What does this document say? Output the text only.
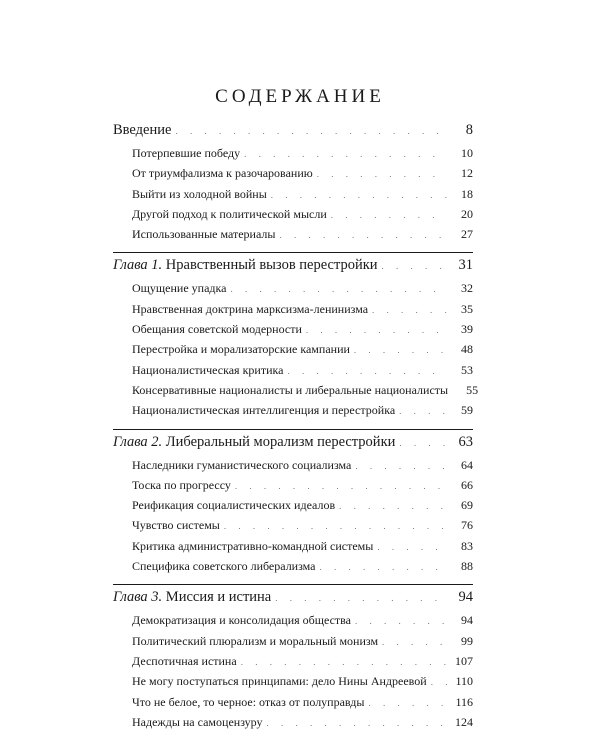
СОДЕРЖАНИЕ
Введение . . .	8
Потерпевшие победу . . .	10
От триумфализма к разочарованию . . .	12
Выйти из холодной войны . . .	18
Другой подход к политической мысли . . .	20
Использованные материалы . . .	27
Глава 1. Нравственный вызов перестройки . . .	31
Ощущение упадка . . .	32
Нравственная доктрина марксизма-ленинизма . . .	35
Обещания советской модерности . . .	39
Перестройка и морализаторские кампании . . .	48
Националистическая критика . . .	53
Консервативные националисты и либеральные националисты	55
Националистическая интеллигенция и перестройка . . .	59
Глава 2. Либеральный морализм перестройки . . .	63
Наследники гуманистического социализма . . .	64
Тоска по прогрессу . . .	66
Реификация социалистических идеалов . . .	69
Чувство системы . . .	76
Критика административно-командной системы . . .	83
Специфика советского либерализма . . .	88
Глава 3. Миссия и истина . . .	94
Демократизация и консолидация общества . . .	94
Политический плюрализм и моральный монизм . . .	99
Деспотичная истина . . .	107
Не могу поступаться принципами: дело Нины Андреевой . . .	110
Что не белое, то черное: отказ от полуправды . . .	116
Надежды на самоцензуру . . .	124
